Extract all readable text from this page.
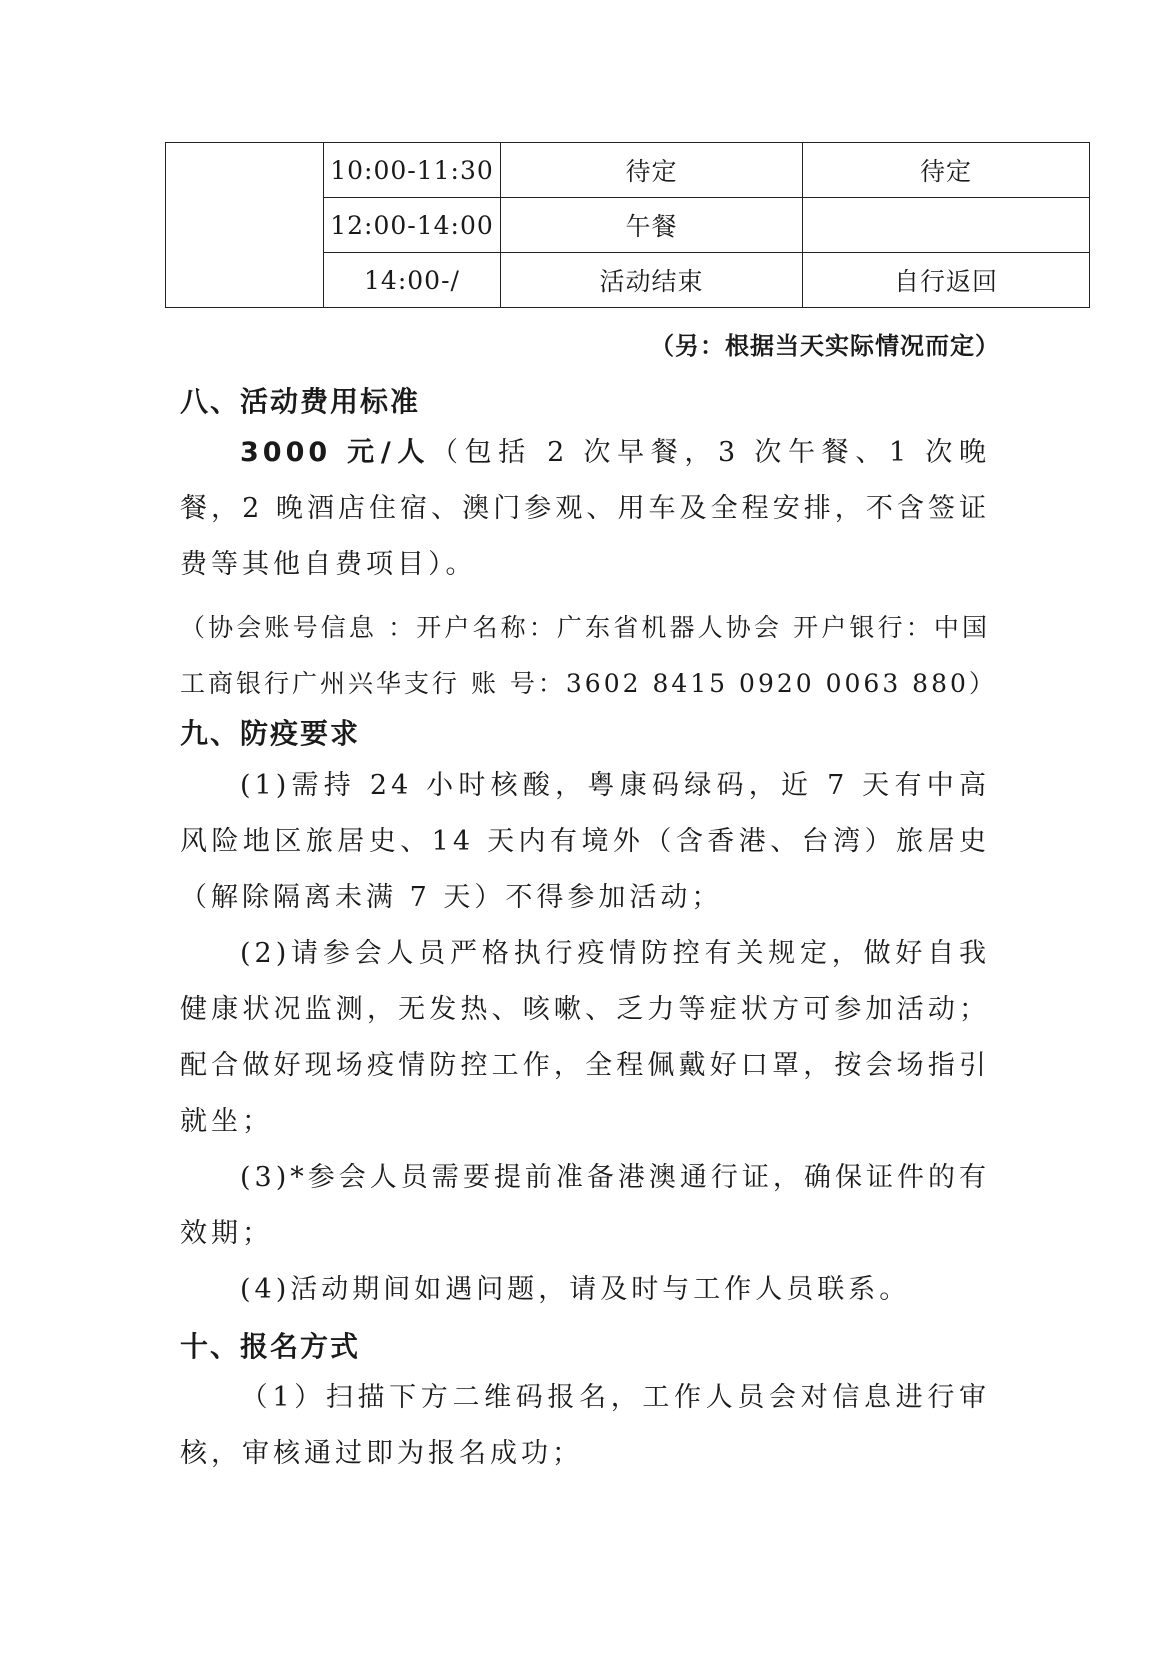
	10:00-11:30	待定	待定
	12:00-14:00	午餐	
	14:00-/	活动结束	自行返回
（另：根据当天实际情况而定）
八、活动费用标准
3000 元/人（包括 2 次早餐，3 次午餐、1 次晚餐，2 晚酒店住宿、澳门参观、用车及全程安排，不含签证费等其他自费项目）。
（协会账号信息 ：开户名称：广东省机器人协会 开户银行：中国工商银行广州兴华支行 账 号：3602 8415 0920 0063 880）
九、防疫要求
(1)需持 24 小时核酸，粤康码绿码，近 7 天有中高风险地区旅居史、14 天内有境外（含香港、台湾）旅居史（解除隔离未满 7 天）不得参加活动；
(2)请参会人员严格执行疫情防控有关规定，做好自我健康状况监测，无发热、咳嗽、乏力等症状方可参加活动；配合做好现场疫情防控工作，全程佩戴好口罩，按会场指引就坐；
(3)*参会人员需要提前准备港澳通行证，确保证件的有效期；
(4)活动期间如遇问题，请及时与工作人员联系。
十、报名方式
（1）扫描下方二维码报名，工作人员会对信息进行审核，审核通过即为报名成功；
